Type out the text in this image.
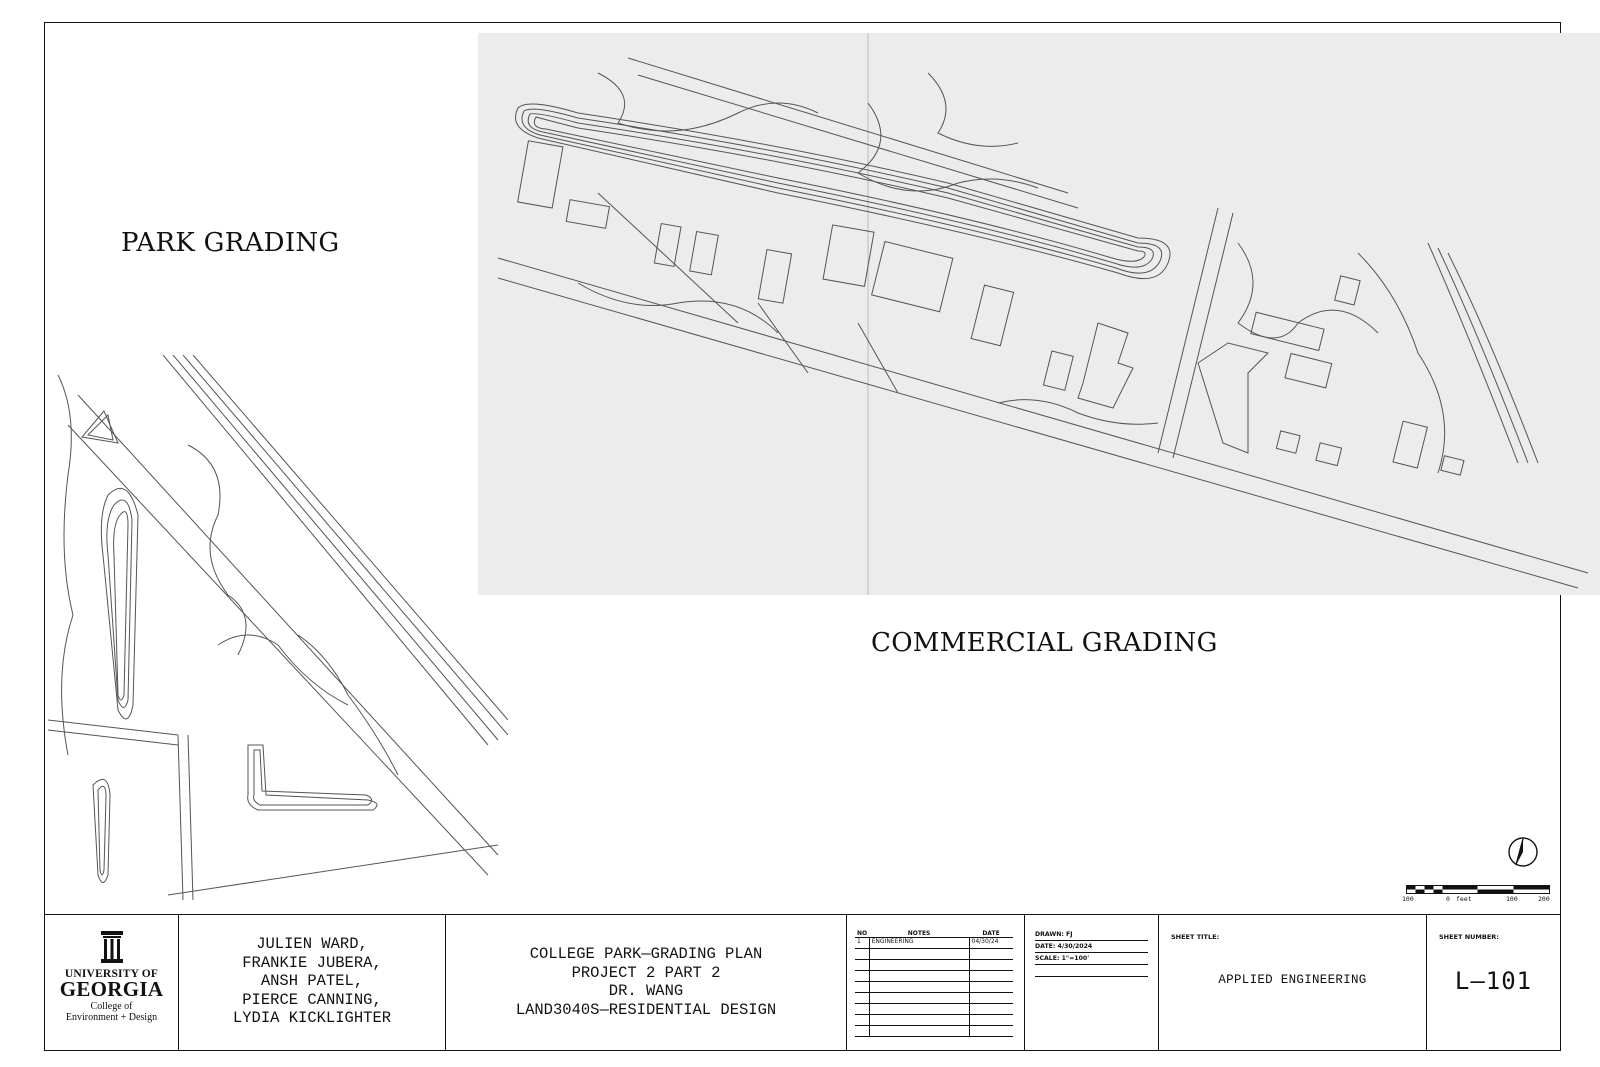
PARK GRADING
COMMERCIAL GRADING
100	0 feet	100	200
UNIVERSITY OF
GEORGIA
College of
Environment + Design
JULIEN WARD,
FRANKIE JUBERA,
ANSH PATEL,
PIERCE CANNING,
LYDIA KICKLIGHTER
COLLEGE PARK—GRADING PLAN
PROJECT 2 PART 2
DR. WANG
LAND3040S—RESIDENTIAL DESIGN
NO	NOTES	DATE
1	ENGINEERING	04/30/24

DRAWN: FJ
DATE: 4/30/2024
SCALE: 1"=100'
SHEET TITLE:
APPLIED ENGINEERING
SHEET NUMBER:
L—101
